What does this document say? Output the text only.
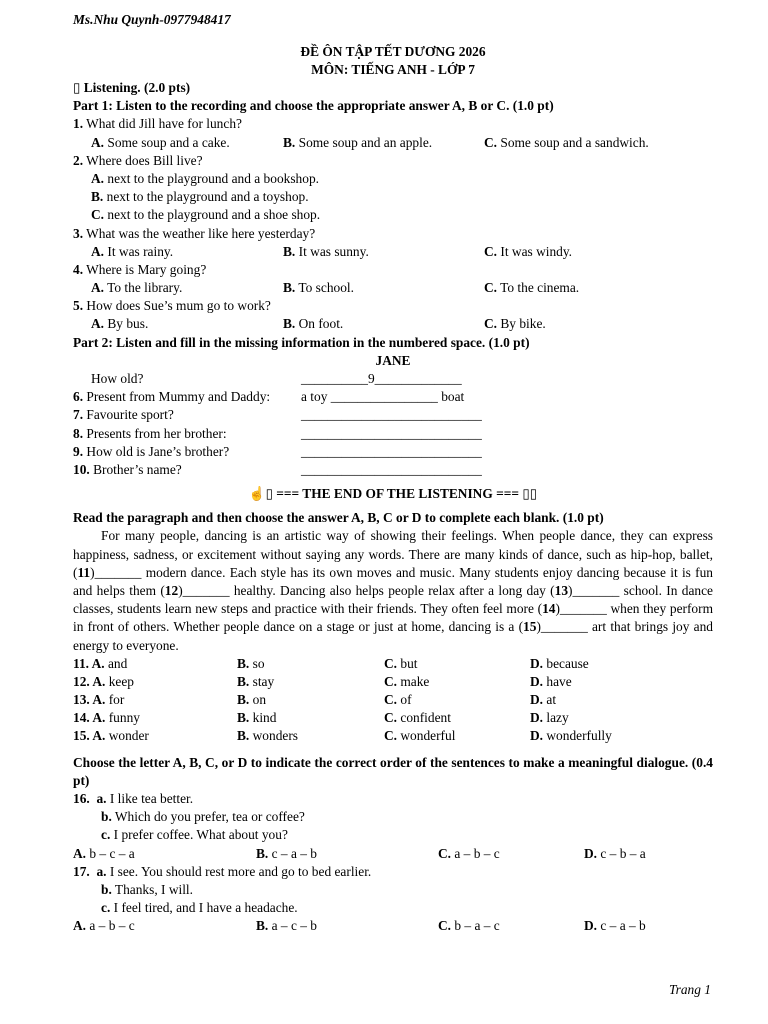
Ms.Nhu Quynh-0977948417
ĐỀ ÔN TẬP TẾT DƯƠNG 2026
MÔN: TIẾNG ANH - LỚP 7
▯ Listening. (2.0 pts)
Part 1: Listen to the recording and choose the appropriate answer A, B or C. (1.0 pt)
1. What did Jill have for lunch?
A. Some soup and a cake.	B. Some soup and an apple.	C. Some soup and a sandwich.
2. Where does Bill live?
A. next to the playground and a bookshop.
B. next to the playground and a toyshop.
C. next to the playground and a shoe shop.
3. What was the weather like here yesterday?
A. It was rainy.	B. It was sunny.	C. It was windy.
4. Where is Mary going?
A. To the library.	B. To school.	C. To the cinema.
5. How does Sue’s mum go to work?
A. By bus.	B. On foot.	C. By bike.
Part 2: Listen and fill in the missing information in the numbered space. (1.0 pt)
JANE
How old?	__________9_____________
6. Present from Mummy and Daddy: a toy ________________ boat
7. Favourite sport?	___________________________
8. Presents from her brother:	___________________________
9. How old is Jane’s brother?	___________________________
10. Brother’s name?	___________________________
☝▯ === THE END OF THE LISTENING === ▯▯
Read the paragraph and then choose the answer A, B, C or D to complete each blank. (1.0 pt)
For many people, dancing is an artistic way of showing their feelings. When people dance, they can express happiness, sadness, or excitement without saying any words. There are many kinds of dance, such as hip-hop, ballet, (11)_______ modern dance. Each style has its own moves and music. Many students enjoy dancing because it is fun and helps them (12)_______ healthy. Dancing also helps people relax after a long day (13)_______ school. In dance classes, students learn new steps and practice with their friends. They often feel more (14)_______ when they perform in front of others. Whether people dance on a stage or just at home, dancing is a (15)_______ art that brings joy and energy to everyone.
11. A. and	B. so	C. but	D. because
12. A. keep	B. stay	C. make	D. have
13. A. for	B. on	C. of	D. at
14. A. funny	B. kind	C. confident	D. lazy
15. A. wonder	B. wonders	C. wonderful	D. wonderfully
Choose the letter A, B, C, or D to indicate the correct order of the sentences to make a meaningful dialogue. (0.4 pt)
16. a. I like tea better.
b. Which do you prefer, tea or coffee?
c. I prefer coffee. What about you?
A. b – c – a	B. c – a – b	C. a – b – c	D. c – b – a
17. a. I see. You should rest more and go to bed earlier.
b. Thanks, I will.
c. I feel tired, and I have a headache.
A. a – b – c	B. a – c – b	C. b – a – c	D. c – a – b
Trang 1
